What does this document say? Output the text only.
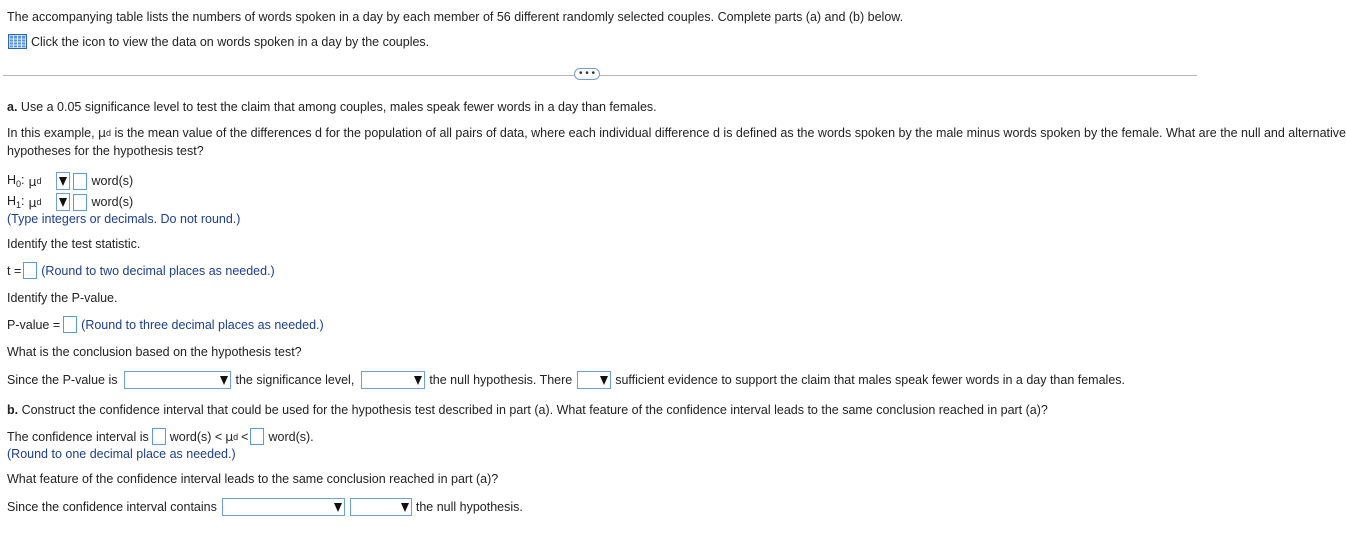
The accompanying table lists the numbers of words spoken in a day by each member of 56 different randomly selected couples. Complete parts (a) and (b) below.
Click the icon to view the data on words spoken in a day by the couples.
• • •
a. Use a 0.05 significance level to test the claim that among couples, males speak fewer words in a day than females.
In this example, μ d is the mean value of the differences d for the population of all pairs of data, where each individual difference d is defined as the words spoken by the male minus words spoken by the female. What are the null and alternative
hypotheses for the hypothesis test?
$H_0$: μ d	word(s)
$H_1$: μ d	word(s)
(Type integers or decimals. Do not round.)
Identify the test statistic.
t = (Round to two decimal places as needed.)
Identify the P-value.
P-value = (Round to three decimal places as needed.)
What is the conclusion based on the hypothesis test?
Since the P-value is	the significance level,	the null hypothesis. There	sufficient evidence to support the claim that males speak fewer words in a day than females.
b. Construct the confidence interval that could be used for the hypothesis test described in part (a). What feature of the confidence interval leads to the same conclusion reached in part (a)?
The confidence interval is word(s) < μ d < word(s).
(Round to one decimal place as needed.)
What feature of the confidence interval leads to the same conclusion reached in part (a)?
Since the confidence interval contains	the null hypothesis.
